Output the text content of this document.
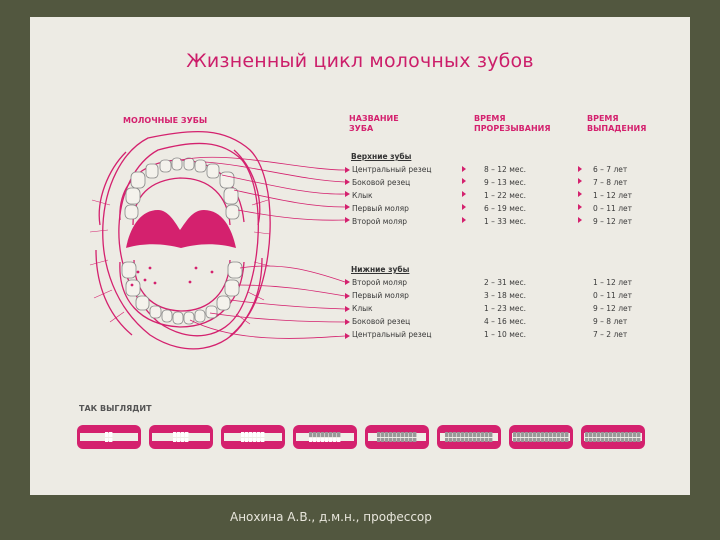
Жизненный цикл молочных зубов
МОЛОЧНЫЕ ЗУБЫ	НАЗВАНИЕ
ЗУБА
ВРЕМЯ
ПРОРЕЗЫВАНИЯ
ВРЕМЯ
ВЫПАДЕНИЯ
Верхние зубы
Центральный резец	8 – 12 мес.	6 – 7 лет
Боковой резец	9 – 13 мес.	7 – 8 лет
Клык	1 – 22 мес.	1 – 12 лет
Первый моляр	6 – 19 мес.	0 – 11 лет
Второй моляр	1 – 33 мес.	9 – 12 лет
Нижние зубы
Второй моляр	2 – 31 мес.	1 – 12 лет
Первый моляр	3 – 18 мес.	0 – 11 лет
Клык	1 – 23 мес.	9 – 12 лет
Боковой резец	4 – 16 мес.	9 – 8 лет
Центральный резец	1 – 10 мес.	7 – 2 лет
ТАК ВЫГЛЯДИТ
Анохина А.В., д.м.н., профессор
